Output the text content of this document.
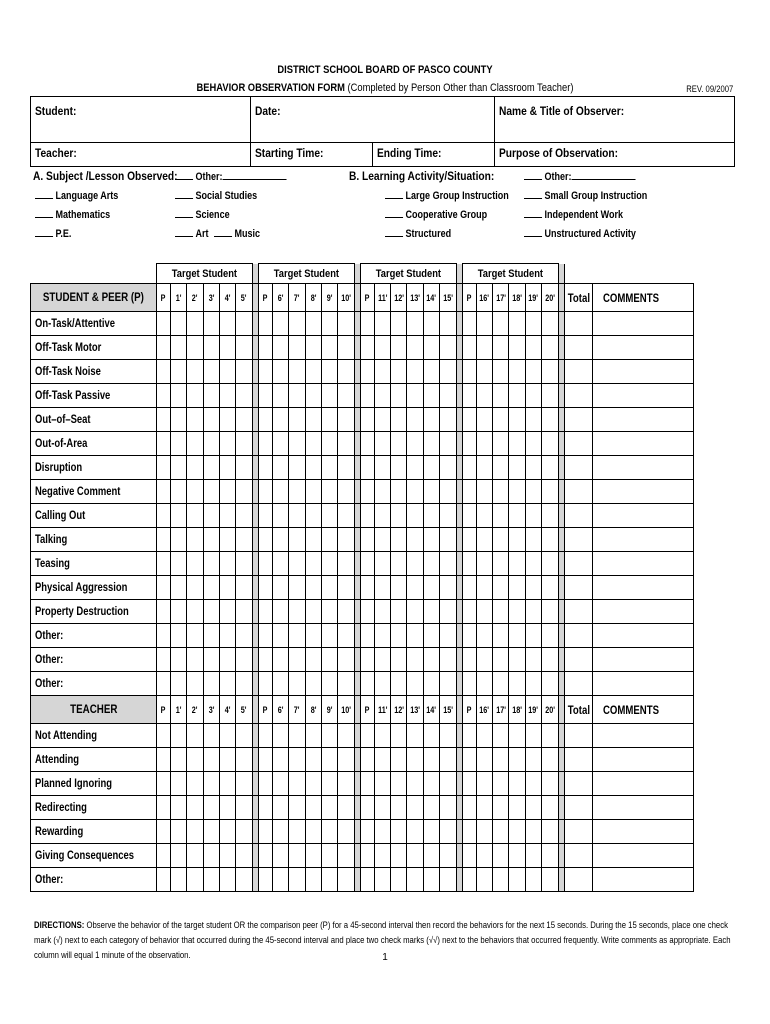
DISTRICT SCHOOL BOARD OF PASCO COUNTY
BEHAVIOR OBSERVATION FORM (Completed by Person Other than Classroom Teacher)	REV. 09/2007
Student:	Date:	Name & Title of Observer:
Teacher:	Starting Time:	Ending Time:	Purpose of Observation:
A. Subject /Lesson Observed:	Other:
Language Arts	Social Studies
Mathematics	Science
P.E.	Art	Music
B. Learning Activity/Situation:	Other:
Large Group Instruction	Small Group Instruction
Cooperative Group	Independent Work
Structured	Unstructured Activity
	Target Student							Target Student							Target Student							Target Student								
STUDENT & PEER (P)	P	1'	2'	3'	4'	5'		P	6'	7'	8'	9'	10'		P	11'	12'	13'	14'	15'		P	16'	17'	18'	19'	20'		Total	COMMENTS
On-Task/Attentive																														
Off-Task Motor																														
Off-Task Noise																														
Off-Task Passive																														
Out–of–Seat																														
Out-of-Area																														
Disruption																														
Negative Comment																														
Calling Out																														
Talking																														
Teasing																														
Physical Aggression																														
Property Destruction																														
Other:																														
Other:																														
Other:																														
TEACHER	P	1'	2'	3'	4'	5'		P	6'	7'	8'	9'	10'		P	11'	12'	13'	14'	15'		P	16'	17'	18'	19'	20'		Total	COMMENTS
Not Attending																														
Attending																														
Planned Ignoring																														
Redirecting																														
Rewarding																														
Giving Consequences																														
Other:																														
DIRECTIONS: Observe the behavior of the target student OR the comparison peer (P) for a 45-second interval then record the behaviors for the next 15 seconds. During the 15 seconds, place one check mark (√) next to each category of behavior that occurred during the 45-second interval and place two check marks (√√) next to the behaviors that occurred frequently. Write comments as appropriate. Each column will equal 1 minute of the observation.	1
